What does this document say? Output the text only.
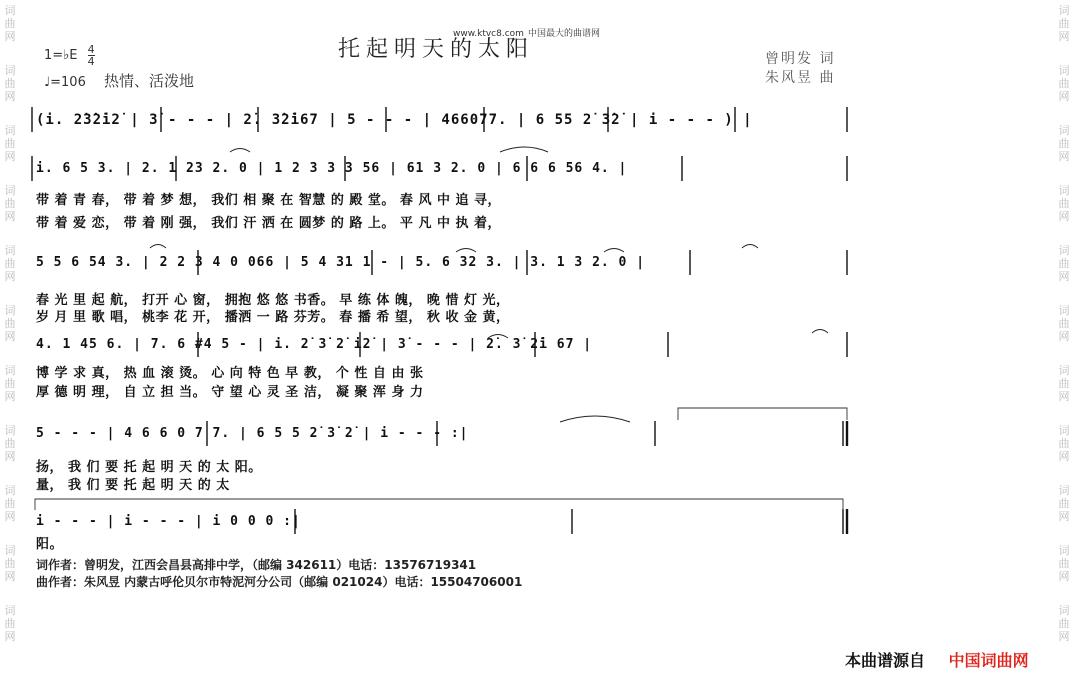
词
曲
网
词
曲
网
词
曲
网
词
曲
网
词
曲
网
词
曲
网
词
曲
网
词
曲
网
词
曲
网
词
曲
网
词
曲
网
词
曲
网
词
曲
网
词
曲
网
词
曲
网
词
曲
网
词
曲
网
词
曲
网
词
曲
网
词
曲
网
词
曲
网
词
曲
网
www.ktvc8.com 中国最大的曲谱网
托起明天的太阳
1=♭E $\frac{4}{4}$
♩=106 热情、活泼地
曾明发 词
朱风昱 曲
(i. 2̇3̇2̇i2̇ | 3̇ - - - | 2̇. 3̇2̇i67 | 5 - - - | 466077. | 6 55 2̇ 3̇2̇ | i - - - ) |
i. 6 5 3. | 2. 1 23 2. 0 | 1 2 3 3 3 56 | 61 3 2. 0 | 6 6 6 56 4. |
带 着 青 春， 带 着 梦 想， 我们 相 聚 在 智慧 的 殿 堂。 春 风 中 追 寻，
带 着 爱 恋， 带 着 刚 强， 我们 汗 洒 在 圆梦 的 路 上。 平 凡 中 执 着，
5 5 6 54 3. | 2 2 3 4 0 066 | 5 4 31 1 - | 5. 6 32 3. | 3. 1 3 2. 0 |
春 光 里 起 航， 打开 心 窗， 拥抱 悠 悠 书香。 早 练 体 魄， 晚 惜 灯 光，
岁 月 里 歌 唱， 桃李 花 开， 播洒 一 路 芬芳。 春 播 希 望， 秋 收 金 黄，
4. 1 45 6. | 7. 6 #4 5 - | i. 2̇ 3̇ 2̇ i2̇ | 3̇ - - - | 2̇. 3̇ 2̇i 67 |
博 学 求 真， 热 血 滚 烫。 心 向 特 色 早 教， 个 性 自 由 张
厚 德 明 理， 自 立 担 当。 守 望 心 灵 圣 洁， 凝 聚 浑 身 力
5 - - - | 4 6 6 0 7 7. | 6 5 5 2̇ 3̇ 2̇ | i - - - :|
扬， 我 们 要 托 起 明 天 的 太 阳。
量， 我 们 要 托 起 明 天 的 太
i - - - | i - - - | i 0 0 0 :|
阳。
词作者：曾明发，江西会昌县高排中学，（邮编 342611）电话：13576719341
曲作者：朱风昱 内蒙古呼伦贝尔市特泥河分公司（邮编 021024）电话：15504706001
本曲谱源自 中国词曲网
